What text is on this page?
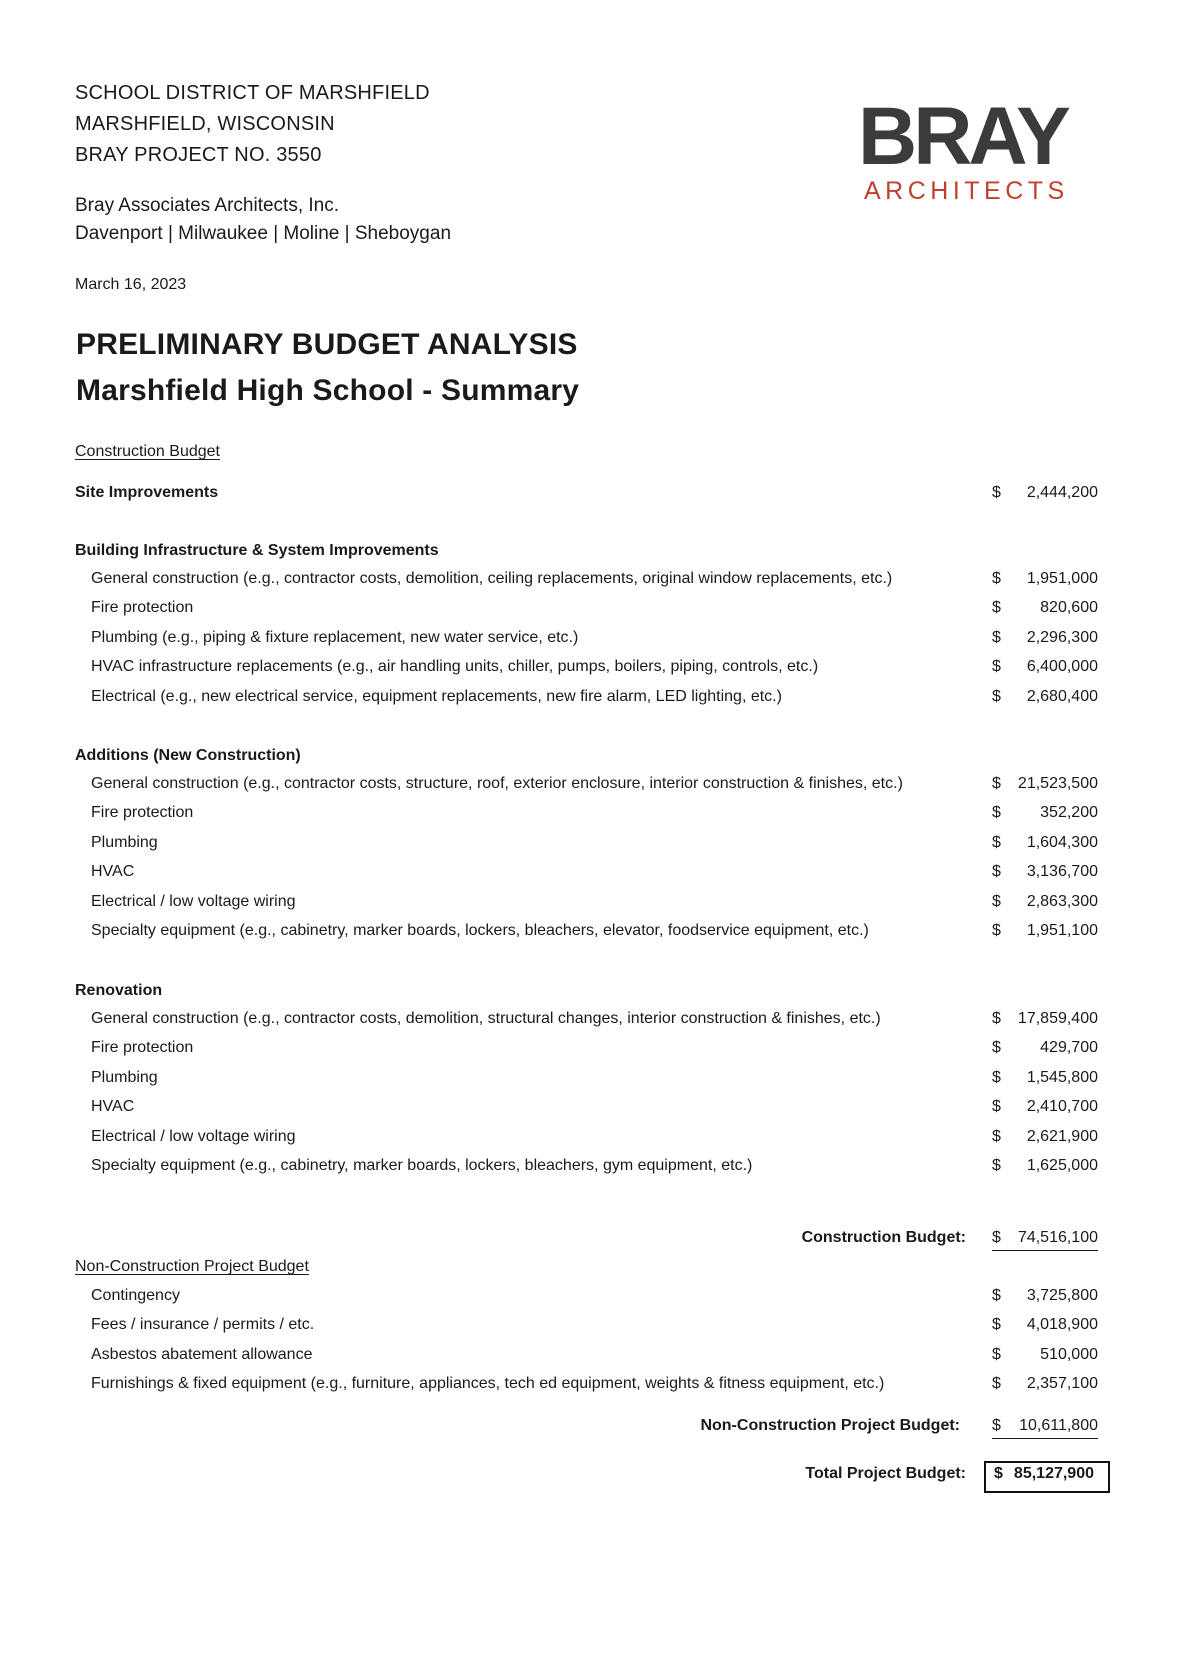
SCHOOL DISTRICT OF MARSHFIELD
MARSHFIELD, WISCONSIN
BRAY PROJECT NO. 3550
Bray Associates Architects, Inc.
Davenport | Milwaukee | Moline | Sheboygan
March 16, 2023
BRAY
ARCHITECTS
PRELIMINARY BUDGET ANALYSIS
Marshfield High School - Summary
Construction Budget
Site Improvements	$ 2,444,200
Building Infrastructure & System Improvements
General construction (e.g., contractor costs, demolition, ceiling replacements, original window replacements, etc.)	$ 1,951,000
Fire protection	$ 820,600
Plumbing (e.g., piping & fixture replacement, new water service, etc.)	$ 2,296,300
HVAC infrastructure replacements (e.g., air handling units, chiller, pumps, boilers, piping, controls, etc.)	$ 6,400,000
Electrical (e.g., new electrical service, equipment replacements, new fire alarm, LED lighting, etc.)	$ 2,680,400
Additions (New Construction)
General construction (e.g., contractor costs, structure, roof, exterior enclosure, interior construction & finishes, etc.)	$ 21,523,500
Fire protection	$ 352,200
Plumbing	$ 1,604,300
HVAC	$ 3,136,700
Electrical / low voltage wiring	$ 2,863,300
Specialty equipment (e.g., cabinetry, marker boards, lockers, bleachers, elevator, foodservice equipment, etc.)	$ 1,951,100
Renovation
General construction (e.g., contractor costs, demolition, structural changes, interior construction & finishes, etc.)	$ 17,859,400
Fire protection	$ 429,700
Plumbing	$ 1,545,800
HVAC	$ 2,410,700
Electrical / low voltage wiring	$ 2,621,900
Specialty equipment (e.g., cabinetry, marker boards, lockers, bleachers, gym equipment, etc.)	$ 1,625,000
Construction Budget: $ 74,516,100
Non-Construction Project Budget
Contingency	$ 3,725,800
Fees / insurance / permits / etc.	$ 4,018,900
Asbestos abatement allowance	$ 510,000
Furnishings & fixed equipment (e.g., furniture, appliances, tech ed equipment, weights & fitness equipment, etc.)	$ 2,357,100
Non-Construction Project Budget: $ 10,611,800
Total Project Budget: $ 85,127,900
